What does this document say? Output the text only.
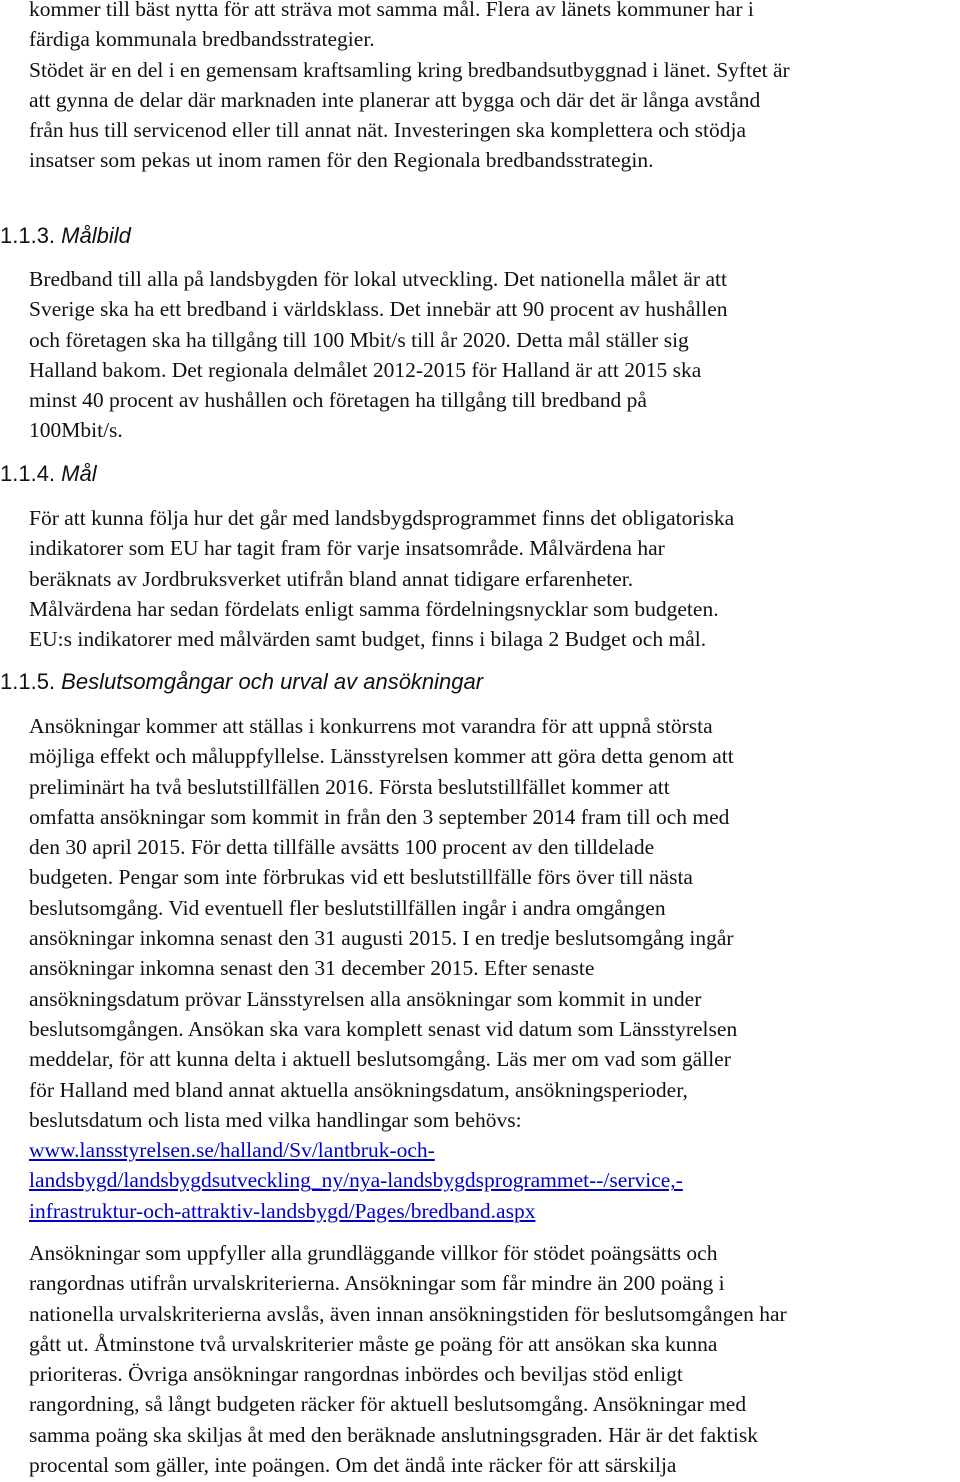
kommer till bäst nytta för att sträva mot samma mål. Flera av länets kommuner har i
färdiga kommunala bredbandsstrategier.
Stödet är en del i en gemensam kraftsamling kring bredbandsutbyggnad i länet. Syftet är
att gynna de delar där marknaden inte planerar att bygga och där det är långa avstånd
från hus till servicenod eller till annat nät. Investeringen ska komplettera och stödja
insatser som pekas ut inom ramen för den Regionala bredbandsstrategin.
1.1.3. Målbild
Bredband till alla på landsbygden för lokal utveckling. Det nationella målet är att
Sverige ska ha ett bredband i världsklass. Det innebär att 90 procent av hushållen
och företagen ska ha tillgång till 100 Mbit/s till år 2020. Detta mål ställer sig
Halland bakom. Det regionala delmålet 2012-2015 för Halland är att 2015 ska
minst 40 procent av hushållen och företagen ha tillgång till bredband på
100Mbit/s.
1.1.4. Mål
För att kunna följa hur det går med landsbygdsprogrammet finns det obligatoriska
indikatorer som EU har tagit fram för varje insatsområde. Målvärdena har
beräknats av Jordbruksverket utifrån bland annat tidigare erfarenheter.
Målvärdena har sedan fördelats enligt samma fördelningsnycklar som budgeten.
EU:s indikatorer med målvärden samt budget, finns i bilaga 2 Budget och mål.
1.1.5. Beslutsomgångar och urval av ansökningar
Ansökningar kommer att ställas i konkurrens mot varandra för att uppnå största
möjliga effekt och måluppfyllelse. Länsstyrelsen kommer att göra detta genom att
preliminärt ha två beslutstillfällen 2016. Första beslutstillfället kommer att
omfatta ansökningar som kommit in från den 3 september 2014 fram till och med
den 30 april 2015. För detta tillfälle avsätts 100 procent av den tilldelade
budgeten. Pengar som inte förbrukas vid ett beslutstillfälle förs över till nästa
beslutsomgång. Vid eventuell fler beslutstillfällen ingår i andra omgången
ansökningar inkomna senast den 31 augusti 2015. I en tredje beslutsomgång ingår
ansökningar inkomna senast den 31 december 2015. Efter senaste
ansökningsdatum prövar Länsstyrelsen alla ansökningar som kommit in under
beslutsomgången. Ansökan ska vara komplett senast vid datum som Länsstyrelsen
meddelar, för att kunna delta i aktuell beslutsomgång. Läs mer om vad som gäller
för Halland med bland annat aktuella ansökningsdatum, ansökningsperioder,
beslutsdatum och lista med vilka handlingar som behövs:
www.lansstyrelsen.se/halland/Sv/lantbruk-och-
landsbygd/landsbygdsutveckling_ny/nya-landsbygdsprogrammet--/service,-
infrastruktur-och-attraktiv-landsbygd/Pages/bredband.aspx
Ansökningar som uppfyller alla grundläggande villkor för stödet poängsätts och
rangordnas utifrån urvalskriterierna. Ansökningar som får mindre än 200 poäng i
nationella urvalskriterierna avslås, även innan ansökningstiden för beslutsomgången har
gått ut. Åtminstone två urvalskriterier måste ge poäng för att ansökan ska kunna
prioriteras. Övriga ansökningar rangordnas inbördes och beviljas stöd enligt
rangordning, så långt budgeten räcker för aktuell beslutsomgång. Ansökningar med
samma poäng ska skiljas åt med den beräknade anslutningsgraden. Här är det faktisk
procental som gäller, inte poängen. Om det ändå inte räcker för att särskilja
